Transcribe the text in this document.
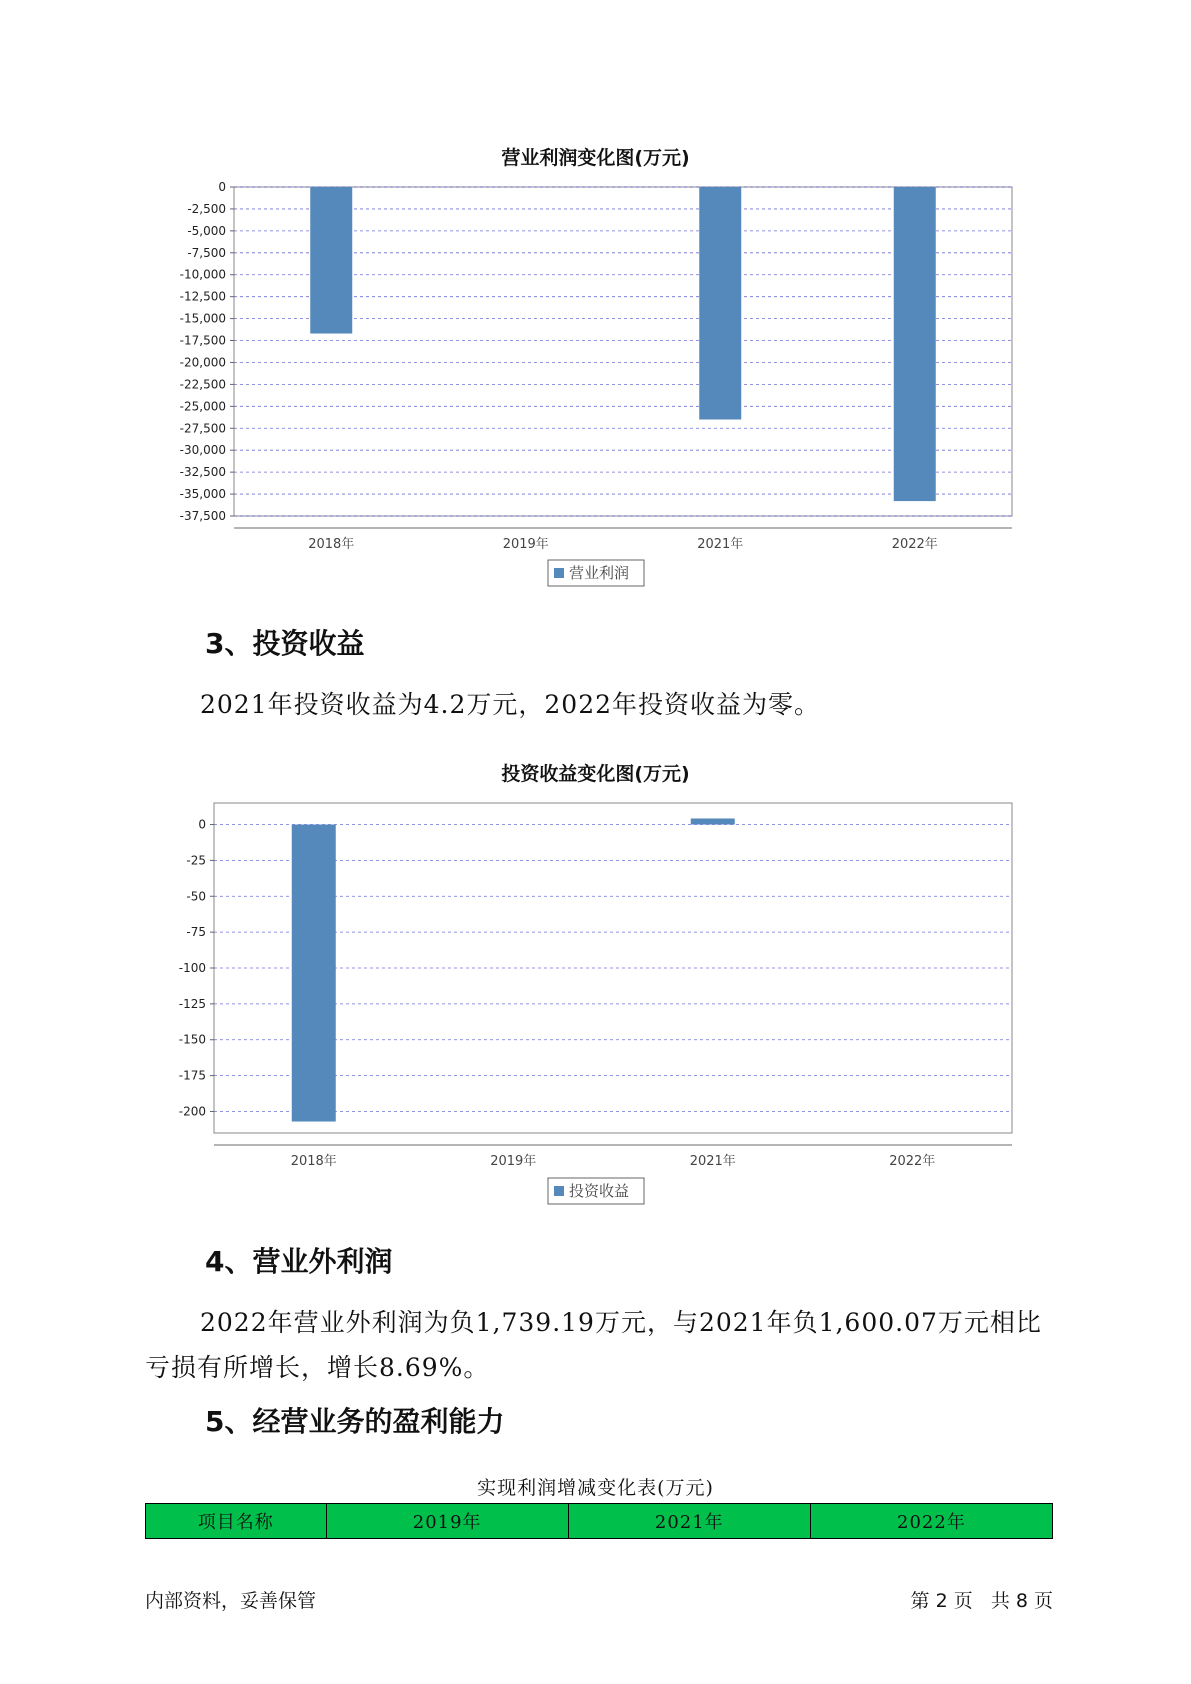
营业利润变化图(万元)
0
-2,500
-5,000
-7,500
-10,000
-12,500
-15,000
-17,500
-20,000
-22,500
-25,000
-27,500
-30,000
-32,500
-35,000
-37,500
2018年	2019年	2021年	2022年
营业利润
3、投资收益
2021年投资收益为4.2万元，2022年投资收益为零。
投资收益变化图(万元)
0
-25
-50
-75
-100
-125
-150
-175
-200
2018年	2019年	2021年	2022年
投资收益
4、营业外利润
2022年营业外利润为负1,739.19万元，与2021年负1,600.07万元相比亏损有所增长，增长8.69%。
5、经营业务的盈利能力
实现利润增减变化表(万元)
项目名称	2019年	2021年	2022年
内部资料，妥善保管	第 2 页   共 8 页
